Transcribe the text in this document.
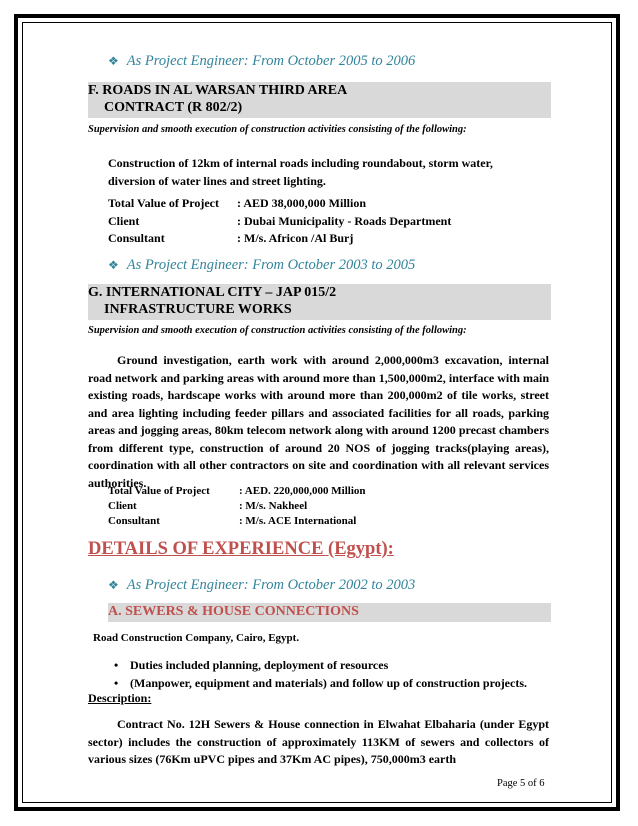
❖ As Project Engineer: From October 2005 to 2006
F. ROADS IN AL WARSAN THIRD AREA
CONTRACT (R 802/2)
Supervision and smooth execution of construction activities consisting of the following:
Construction of 12km of internal roads including roundabout, storm water, diversion of water lines and street lighting.
Total Value of Project	: AED 38,000,000 Million
Client	: Dubai Municipality - Roads Department
Consultant	: M/s. Africon /Al Burj
❖ As Project Engineer: From October 2003 to 2005
G. INTERNATIONAL CITY – JAP 015/2
INFRASTRUCTURE WORKS
Supervision and smooth execution of construction activities consisting of the following:
Ground investigation, earth work with around 2,000,000m3 excavation, internal road network and parking areas with around more than 1,500,000m2, interface with main existing roads, hardscape works with around more than 200,000m2 of tile works, street and area lighting including feeder pillars and associated facilities for all roads, parking areas and jogging areas, 80km telecom network along with around 1200 precast chambers from different type, construction of around 20 NOS of jogging tracks(playing areas), coordination with all other contractors on site and coordination with all relevant services authorities.
Total Value of Project	: AED. 220,000,000 Million
Client	: M/s. Nakheel
Consultant	: M/s. ACE International
DETAILS OF EXPERIENCE (Egypt):
❖ As Project Engineer: From October 2002 to 2003
A. SEWERS & HOUSE CONNECTIONS
Road Construction Company, Cairo, Egypt.
• Duties included planning, deployment of resources
• (Manpower, equipment and materials) and follow up of construction projects.
Description:
Contract No. 12H Sewers & House connection in Elwahat Elbaharia (under Egypt sector) includes the construction of approximately 113KM of sewers and collectors of various sizes (76Km uPVC pipes and 37Km AC pipes), 750,000m3 earth
Page 5 of 6
